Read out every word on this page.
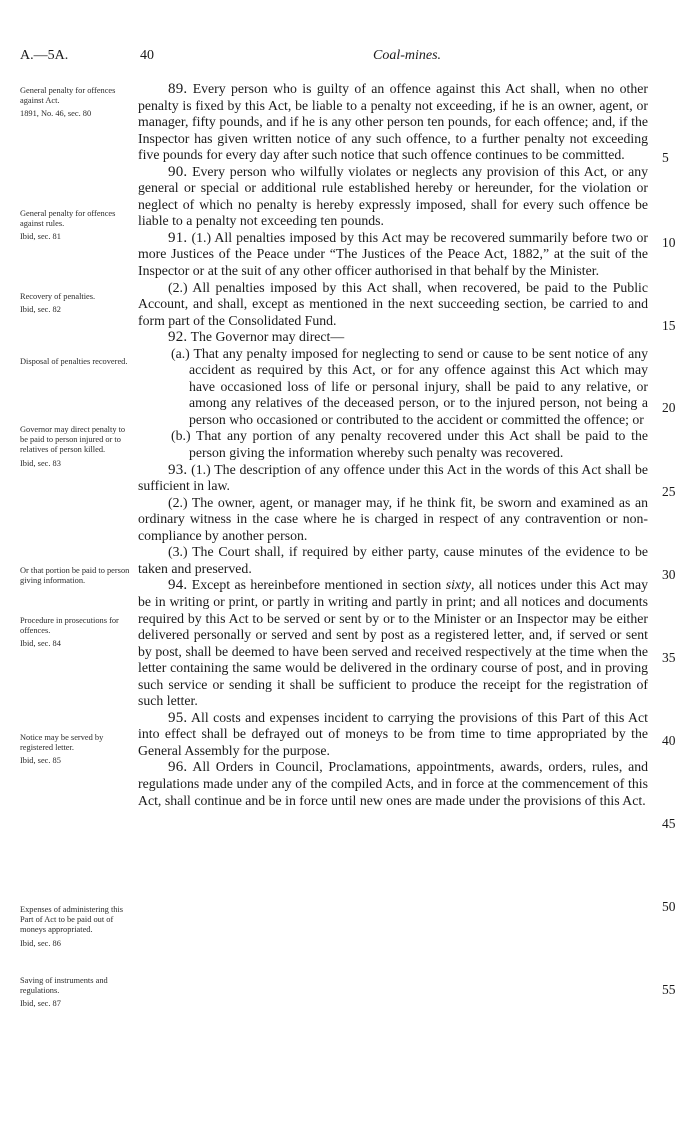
A.—5A.	40	Coal-mines.
General penalty for offences against Act.
1891, No. 46, sec. 80
General penalty for offences against rules.
Ibid, sec. 81
Recovery of penalties.
Ibid, sec. 82
Disposal of penalties recovered.
Governor may direct penalty to be paid to person injured or to relatives of person killed.
Ibid, sec. 83
Or that portion be paid to person giving information.
Procedure in prosecutions for offences.
Ibid, sec. 84
Notice may be served by registered letter.
Ibid, sec. 85
Expenses of administering this Part of Act to be paid out of moneys appropriated.
Ibid, sec. 86
Saving of instruments and regulations.
Ibid, sec. 87

89. Every person who is guilty of an offence against this Act shall, when no other penalty is fixed by this Act, be liable to a penalty not exceeding, if he is an owner, agent, or manager, fifty pounds, and if he is any other person ten pounds, for each offence; and, if the Inspector has given written notice of any such offence, to a further penalty not exceeding five pounds for every day after such notice that such offence continues to be committed.

90. Every person who wilfully violates or neglects any provision of this Act, or any general or special or additional rule established hereby or hereunder, for the violation or neglect of which no penalty is hereby expressly imposed, shall for every such offence be liable to a penalty not exceeding ten pounds.

91. (1.) All penalties imposed by this Act may be recovered summarily before two or more Justices of the Peace under “The Justices of the Peace Act, 1882,” at the suit of the Inspector or at the suit of any other officer authorised in that behalf by the Minister.

(2.) All penalties imposed by this Act shall, when recovered, be paid to the Public Account, and shall, except as mentioned in the next succeeding section, be carried to and form part of the Consolidated Fund.

92. The Governor may direct—

(a.) That any penalty imposed for neglecting to send or cause to be sent notice of any accident as required by this Act, or for any offence against this Act which may have occasioned loss of life or personal injury, shall be paid to any relative, or among any relatives of the deceased person, or to the injured person, not being a person who occasioned or contributed to the accident or committed the offence; or

(b.) That any portion of any penalty recovered under this Act shall be paid to the person giving the information whereby such penalty was recovered.

93. (1.) The description of any offence under this Act in the words of this Act shall be sufficient in law.

(2.) The owner, agent, or manager may, if he think fit, be sworn and examined as an ordinary witness in the case where he is charged in respect of any contravention or non-compliance by another person.

(3.) The Court shall, if required by either party, cause minutes of the evidence to be taken and preserved.

94. Except as hereinbefore mentioned in section sixty, all notices under this Act may be in writing or print, or partly in writing and partly in print; and all notices and documents required by this Act to be served or sent by or to the Minister or an Inspector may be either delivered personally or served and sent by post as a registered letter, and, if served or sent by post, shall be deemed to have been served and received respectively at the time when the letter containing the same would be delivered in the ordinary course of post, and in proving such service or sending it shall be sufficient to produce the receipt for the registration of such letter.

95. All costs and expenses incident to carrying the provisions of this Part of this Act into effect shall be defrayed out of moneys to be from time to time appropriated by the General Assembly for the purpose.

96. All Orders in Council, Proclamations, appointments, awards, orders, rules, and regulations made under any of the compiled Acts, and in force at the commencement of this Act, shall continue and be in force until new ones are made under the provisions of this Act.

5
10
15
20
25
30
35
40
45
50
55
